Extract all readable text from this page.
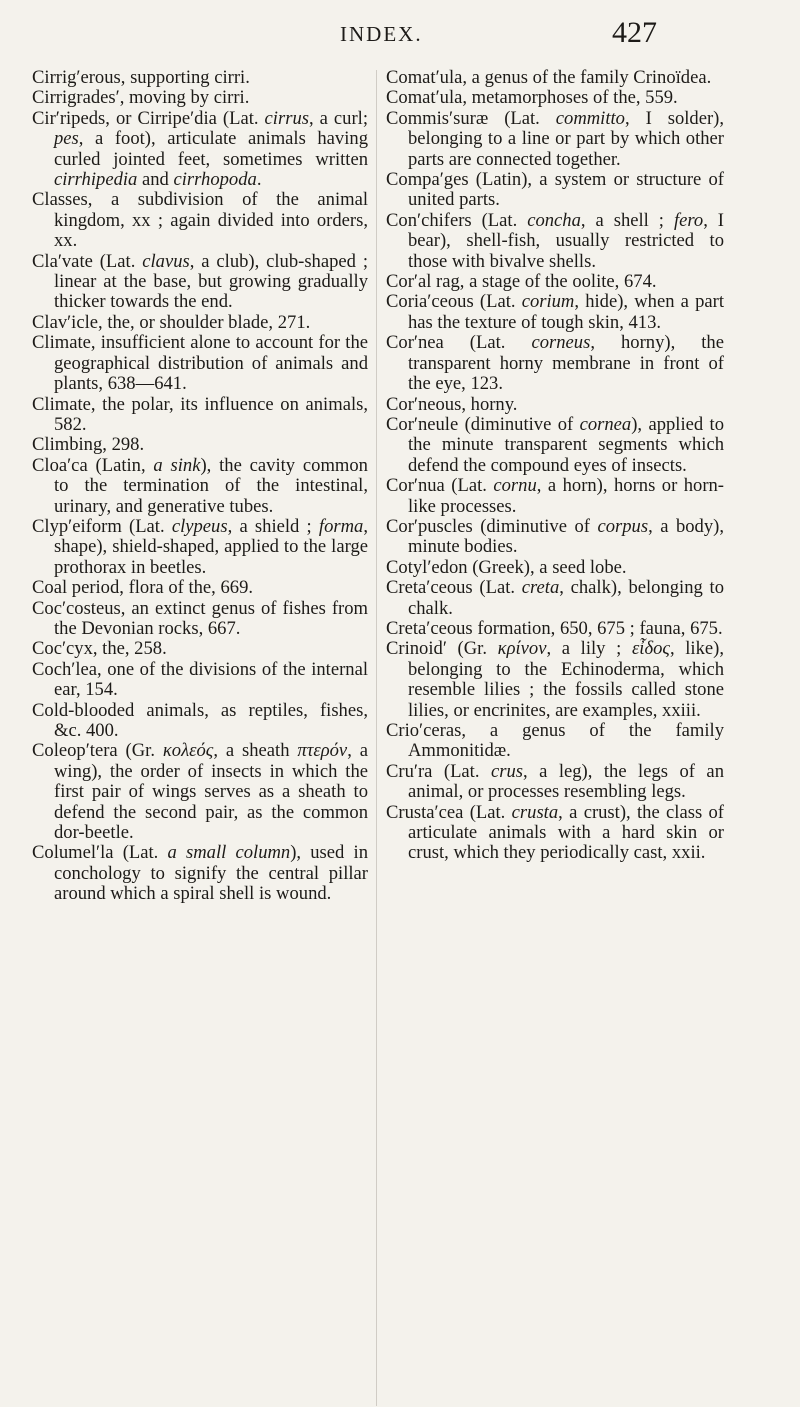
INDEX.	427

Cirrig′erous, supporting cirri.

Cirrigrades′, moving by cirri.

Cir′ripeds, or Cirripe′dia (Lat. cirrus, a curl; pes, a foot), articulate animals having curled jointed feet, sometimes written cirrhipedia and cirrhopoda.

Classes, a subdivision of the animal kingdom, xx ; again divided into orders, xx.

Cla′vate (Lat. clavus, a club), club-shaped ; linear at the base, but growing gradually thicker towards the end.

Clav′icle, the, or shoulder blade, 271.

Climate, insufficient alone to account for the geographical distribution of animals and plants, 638—641.

Climate, the polar, its influence on animals, 582.

Climbing, 298.

Cloa′ca (Latin, a sink), the cavity common to the termination of the intestinal, urinary, and generative tubes.

Clyp′eiform (Lat. clypeus, a shield ; forma, shape), shield-shaped, applied to the large prothorax in beetles.

Coal period, flora of the, 669.

Coc′costeus, an extinct genus of fishes from the Devonian rocks, 667.

Coc′cyx, the, 258.

Coch′lea, one of the divisions of the internal ear, 154.

Cold-blooded animals, as reptiles, fishes, &c. 400.

Coleop′tera (Gr. κoλεός, a sheath πτερόν, a wing), the order of insects in which the first pair of wings serves as a sheath to defend the second pair, as the common dor-beetle.

Columel′la (Lat. a small column), used in conchology to signify the central pillar around which a spiral shell is wound.

Comat′ula, a genus of the family Crinoïdea.

Comat′ula, metamorphoses of the, 559.

Commis′suræ (Lat. committo, I solder), belonging to a line or part by which other parts are connected together.

Compa′ges (Latin), a system or structure of united parts.

Con′chifers (Lat. concha, a shell ; fero, I bear), shell-fish, usually restricted to those with bivalve shells.

Cor′al rag, a stage of the oolite, 674.

Coria′ceous (Lat. corium, hide), when a part has the texture of tough skin, 413.

Cor′nea (Lat. corneus, horny), the transparent horny membrane in front of the eye, 123.

Cor′neous, horny.

Cor′neule (diminutive of cornea), applied to the minute transparent segments which defend the compound eyes of insects.

Cor′nua (Lat. cornu, a horn), horns or horn-like processes.

Cor′puscles (diminutive of corpus, a body), minute bodies.

Cotyl′edon (Greek), a seed lobe.

Creta′ceous (Lat. creta, chalk), belonging to chalk.

Creta′ceous formation, 650, 675 ; fauna, 675.

Crinoid′ (Gr. κρίνον, a lily ; εἶδος, like), belonging to the Echinoderma, which resemble lilies ; the fossils called stone lilies, or encrinites, are examples, xxiii.

Crio′ceras, a genus of the family Ammonitidæ.

Cru′ra (Lat. crus, a leg), the legs of an animal, or processes resembling legs.

Crusta′cea (Lat. crusta, a crust), the class of articulate animals with a hard skin or crust, which they periodically cast, xxii.
